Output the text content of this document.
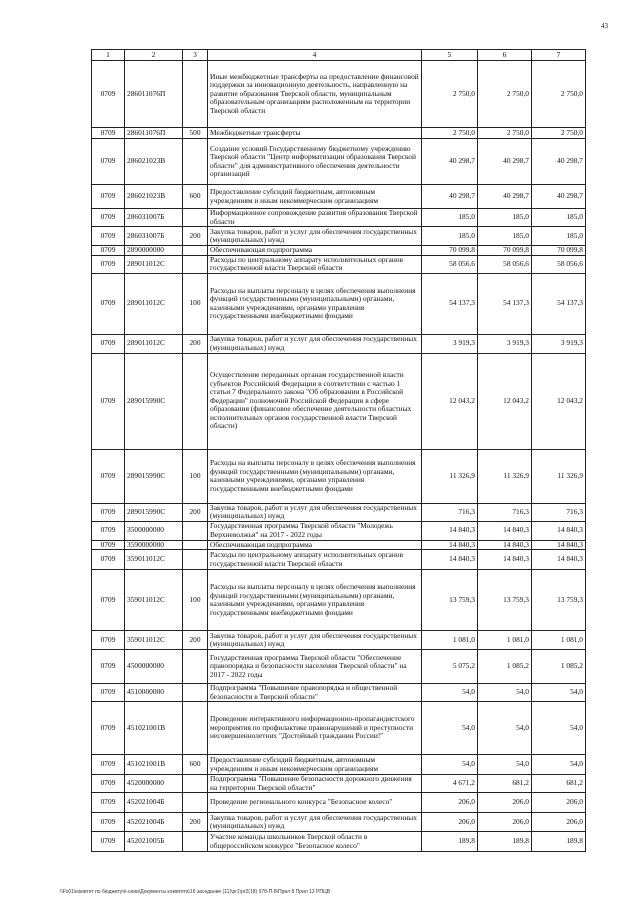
43
1	2	3	4	5	6	7
0709	286011076П		Иные межбюджетные трансферты на предоставление финансовой поддержки за инновационную деятельность, направленную на развитие образования Тверской области, муниципальным образовательным организациям расположенным на территории Тверской области	2 750,0	2 750,0	2 750,0
0709	286011076П	500	Межбюджетные трансферты	2 750,0	2 750,0	2 750,0
0709	286021023В		Создание условий Государственному бюджетному учреждению Тверской области "Центр информатизации образования Тверской области" для административного обеспечения деятельности организаций	40 298,7	40 298,7	40 298,7
0709	286021023В	600	Предоставление субсидий бюджетным, автономным учреждениям и иным некоммерческим организациям	40 298,7	40 298,7	40 298,7
0709	286031007Б		Информационное сопровождение развития образования Тверской области	185,0	185,0	185,0
0709	286031007Б	200	Закупка товаров, работ и услуг для обеспечения государственных (муниципальных) нужд	185,0	185,0	185,0
0709	2890000000		Обеспечивающая подпрограмма	70 099,8	70 099,8	70 099,8
0709	289011012С		Расходы по центральному аппарату исполнительных органов государственной власти Тверской области	58 056,6	58 056,6	58 056,6
0709	289011012С	100	Расходы на выплаты персоналу в целях обеспечения выполнения функций государственными (муниципальными) органами, казенными учреждениями, органами управления государственными внебюджетными фондами	54 137,3	54 137,3	54 137,3
0709	289011012С	200	Закупка товаров, работ и услуг для обеспечения государственных (муниципальных) нужд	3 919,3	3 919,3	3 919,3
0709	289015990С		Осуществление переданных органам государственной власти субъектов Российской Федерации в соответствии с частью 1 статьи 7 Федерального закона "Об образовании в Российской Федерации" полномочий Российской Федерации в сфере образования (финансовое обеспечение деятельности областных исполнительных органов государственной власти Тверской области)	12 043,2	12 043,2	12 043,2
0709	289015990С	100	Расходы на выплаты персоналу в целях обеспечения выполнения функций государственными (муниципальными) органами, казенными учреждениями, органами управления государственными внебюджетными фондами	11 326,9	11 326,9	11 326,9
0709	289015990С	200	Закупка товаров, работ и услуг для обеспечения государственных (муниципальных) нужд	716,3	716,3	716,3
0709	3500000000		Государственная программа Тверской области "Молодежь Верхневолжья" на 2017 - 2022 годы	14 840,3	14 840,3	14 840,3
0709	3590000000		Обеспечивающая подпрограмма	14 840,3	14 840,3	14 840,3
0709	359011012С		Расходы по центральному аппарату исполнительных органов государственной власти Тверской области	14 840,3	14 840,3	14 840,3
0709	359011012С	100	Расходы на выплаты персоналу в целях обеспечения выполнения функций государственными (муниципальными) органами, казенными учреждениями, органами управления государственными внебюджетными фондами	13 759,3	13 759,3	13 759,3
0709	359011012С	200	Закупка товаров, работ и услуг для обеспечения государственных (муниципальных) нужд	1 081,0	1 081,0	1 081,0
0709	4500000000		Государственная программа Тверской области "Обеспечение правопорядка и безопасности населения Тверской области" на 2017 - 2022 годы	5 075,2	1 085,2	1 085,2
0709	4510000000		Подпрограмма "Повышение правопорядка и общественной безопасности в Тверской области"	54,0	54,0	54,0
0709	451021001В		Проведение интерактивного информационно-пропагандистского мероприятия по профилактике правонарушений и преступности несовершеннолетних "Достойный гражданин России!"	54,0	54,0	54,0
0709	451021001В	600	Предоставление субсидий бюджетным, автономным учреждениям и иным некоммерческим организациям	54,0	54,0	54,0
0709	4520000000		Подпрограмма "Повышение безопасности дорожного движения на территории Тверской области"	4 671,2	681,2	681,2
0709	452021004Б		Проведение регионального конкурса "Безопасное колесо"	206,0	206,0	206,0
0709	452021004Б	200	Закупка товаров, работ и услуг для обеспечения государственных (муниципальных) нужд	206,0	206,0	206,0
0709	452021005Б		Участие команды школьников Тверской области в общероссийском конкурсе "Безопасное колесо"	189,8	189,8	189,8
\\Fs01\комитет по бюджету\ё-сеии\Документы комитета\16 заседание (11)\pr1\pr2(18) 978-П-8\Прил 8 Прил 12 РПЦВ
